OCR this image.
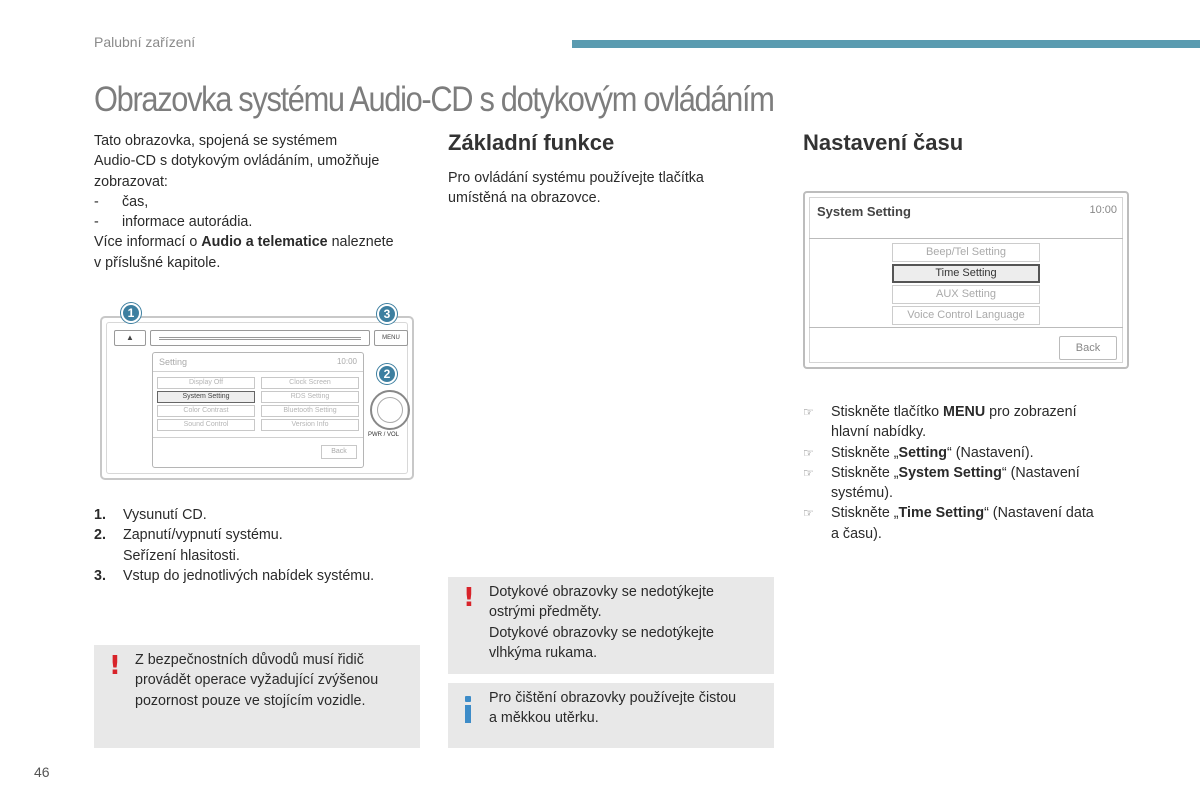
Palubní zařízení
Obrazovka systému Audio-CD s dotykovým ovládáním
Tato obrazovka, spojená se systémem
Audio-CD s dotykovým ovládáním, umožňuje
zobrazovat:
-	čas,
-	informace autorádia.
Více informací o Audio a telematice naleznete
v příslušné kapitole.
▲	MENU
Setting	10:00
Display Off	Clock Screen
System Setting	RDS Setting
Color Contrast	Bluetooth Setting
Sound Control	Version Info
Back
PWR / VOL
1
2
3
1.	Vysunutí CD.
2.	Zapnutí/vypnutí systému.
Seřízení hlasitosti.
3.	Vstup do jednotlivých nabídek systému.
! Z bezpečnostních důvodů musí řidič
provádět operace vyžadující zvýšenou
pozornost pouze ve stojícím vozidle.
Základní funkce
Pro ovládání systému používejte tlačítka
umístěná na obrazovce.
! Dotykové obrazovky se nedotýkejte
ostrými předměty.
Dotykové obrazovky se nedotýkejte
vlhkýma rukama.
Pro čištění obrazovky používejte čistou
a měkkou utěrku.
Nastavení času
System Setting	10:00
Beep/Tel Setting
Time Setting
AUX Setting
Voice Control Language
Back
☞	Stiskněte tlačítko MENU pro zobrazení
hlavní nabídky.
☞	Stiskněte „Setting“ (Nastavení).
☞	Stiskněte „System Setting“ (Nastavení
systému).
☞	Stiskněte „Time Setting“ (Nastavení data
a času).
46
